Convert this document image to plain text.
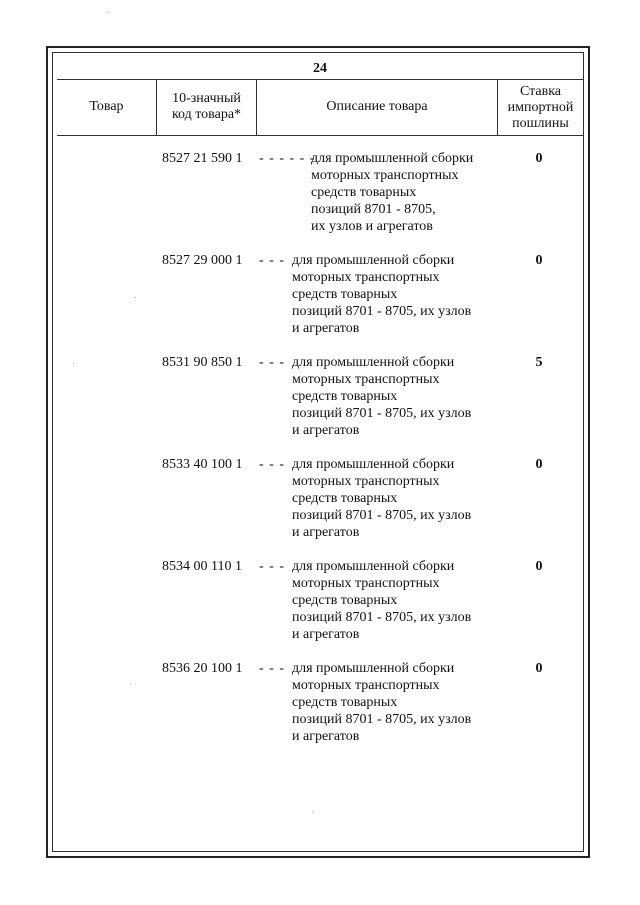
24
Товар
10-значный
код товара*
Описание товара
Ставка
импортной
пошлины
8527 21 590 1 - - - - - -
для промышленной сборки
моторных транспортных
средств товарных
позиций 8701 - 8705,
их узлов и агрегатов
0
8527 29 000 1 - - - для промышленной сборки
моторных транспортных
средств товарных
позиций 8701 - 8705, их узлов
и агрегатов
0
8531 90 850 1 - - - для промышленной сборки
моторных транспортных
средств товарных
позиций 8701 - 8705, их узлов
и агрегатов
5
8533 40 100 1 - - - для промышленной сборки
моторных транспортных
средств товарных
позиций 8701 - 8705, их узлов
и агрегатов
0
8534 00 110 1 - - - для промышленной сборки
моторных транспортных
средств товарных
позиций 8701 - 8705, их узлов
и агрегатов
0
8536 20 100 1 - - - для промышленной сборки
моторных транспортных
средств товарных
позиций 8701 - 8705, их узлов
и агрегатов
0
